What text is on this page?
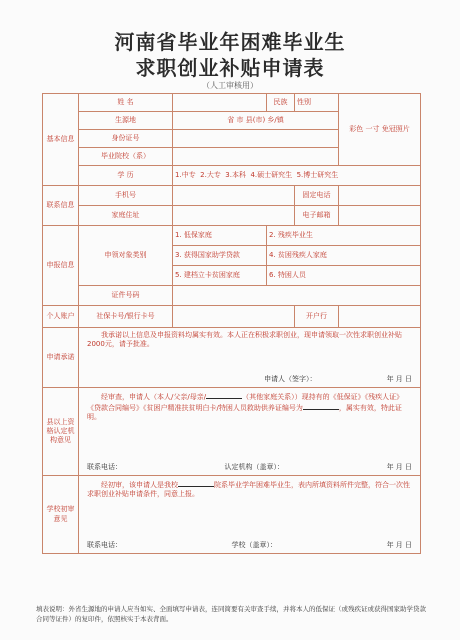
河南省毕业年困难毕业生
求职创业补贴申请表
（人工审核用）
基本信息	姓 名		民族	性别	彩色 一寸 免冠照片
	生源地	省 市 县(市) 乡/镇			
	身份证号				
	毕业院校（系）				
	学 历	1.中专 2.大专 3.本科 4.硕士研究生 5.博士研究生			
联系信息	手机号			固定电话	
	家庭住址			电子邮箱	
申报信息	申领对象类别	1. 低保家庭	2. 残疾毕业生		
		3. 获得国家助学贷款	4. 贫困残疾人家庭		
		5. 建档立卡贫困家庭	6. 特困人员		
	证件号码				
个人账户	社保卡号/银行卡号			开户行	
申请承诺	我承诺以上信息及申报资料均属实有效。本人正在积极求职创业，现申请领取一次性求职创业补贴2000元，请予批准。
申请人（签字）： 年 月 日				

县以上资格认定机构意见	经审查，申请人（本人/父亲/母亲/ （其他家庭关系））现持有的《低保证》《残疾人证》《贷款合同编号》《贫困户精准扶贫明白卡/特困人员救助供养证编号为 ，属实有效，特此证明。
联系电话： 认定机构（盖章）： 年 月 日				

学校初审意见	经初审，该申请人是我校 院系毕业学年困难毕业生，表内所填资料所件完整，符合一次性求职创业补贴申请条件，同意上报。
联系电话： 学校（盖章）： 年 月 日				
填表说明：外省生源地的申请人应当如实、全面填写申请表，连同简要有关审查手续，并将本人的低保证（或残疾证或获得国家助学贷款合同等证件）的复印件，依照核实于本表背面。
